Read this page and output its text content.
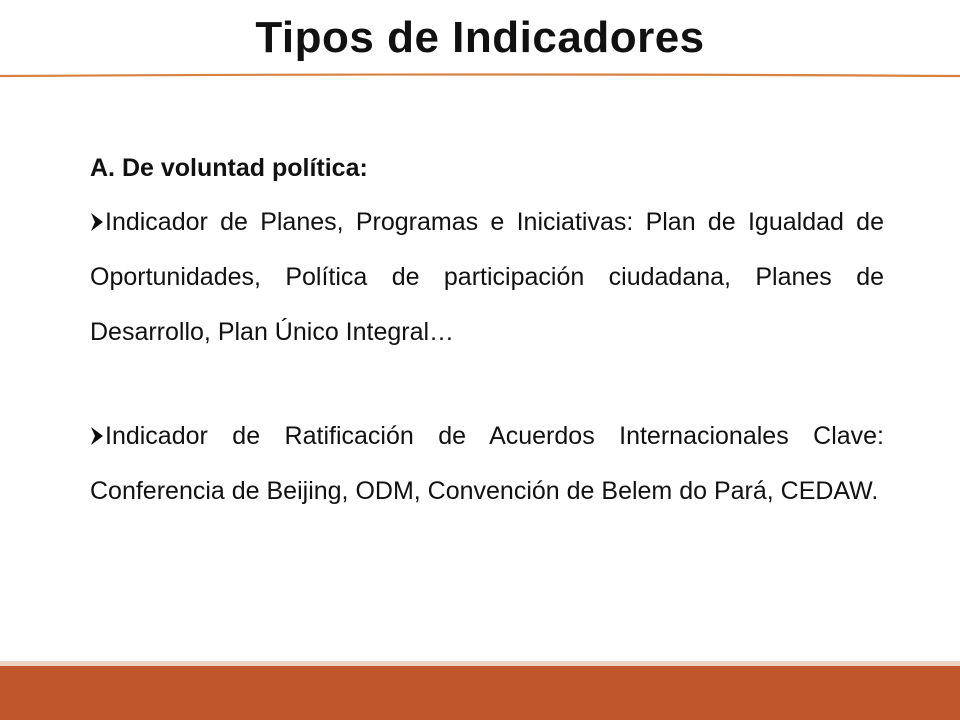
Tipos de Indicadores
A. De voluntad política:
Indicador de Planes, Programas e Iniciativas: Plan de Igualdad de Oportunidades, Política de participación ciudadana, Planes de Desarrollo, Plan Único Integral…
Indicador de Ratificación de Acuerdos Internacionales Clave: Conferencia de Beijing, ODM, Convención de Belem do Pará, CEDAW.
